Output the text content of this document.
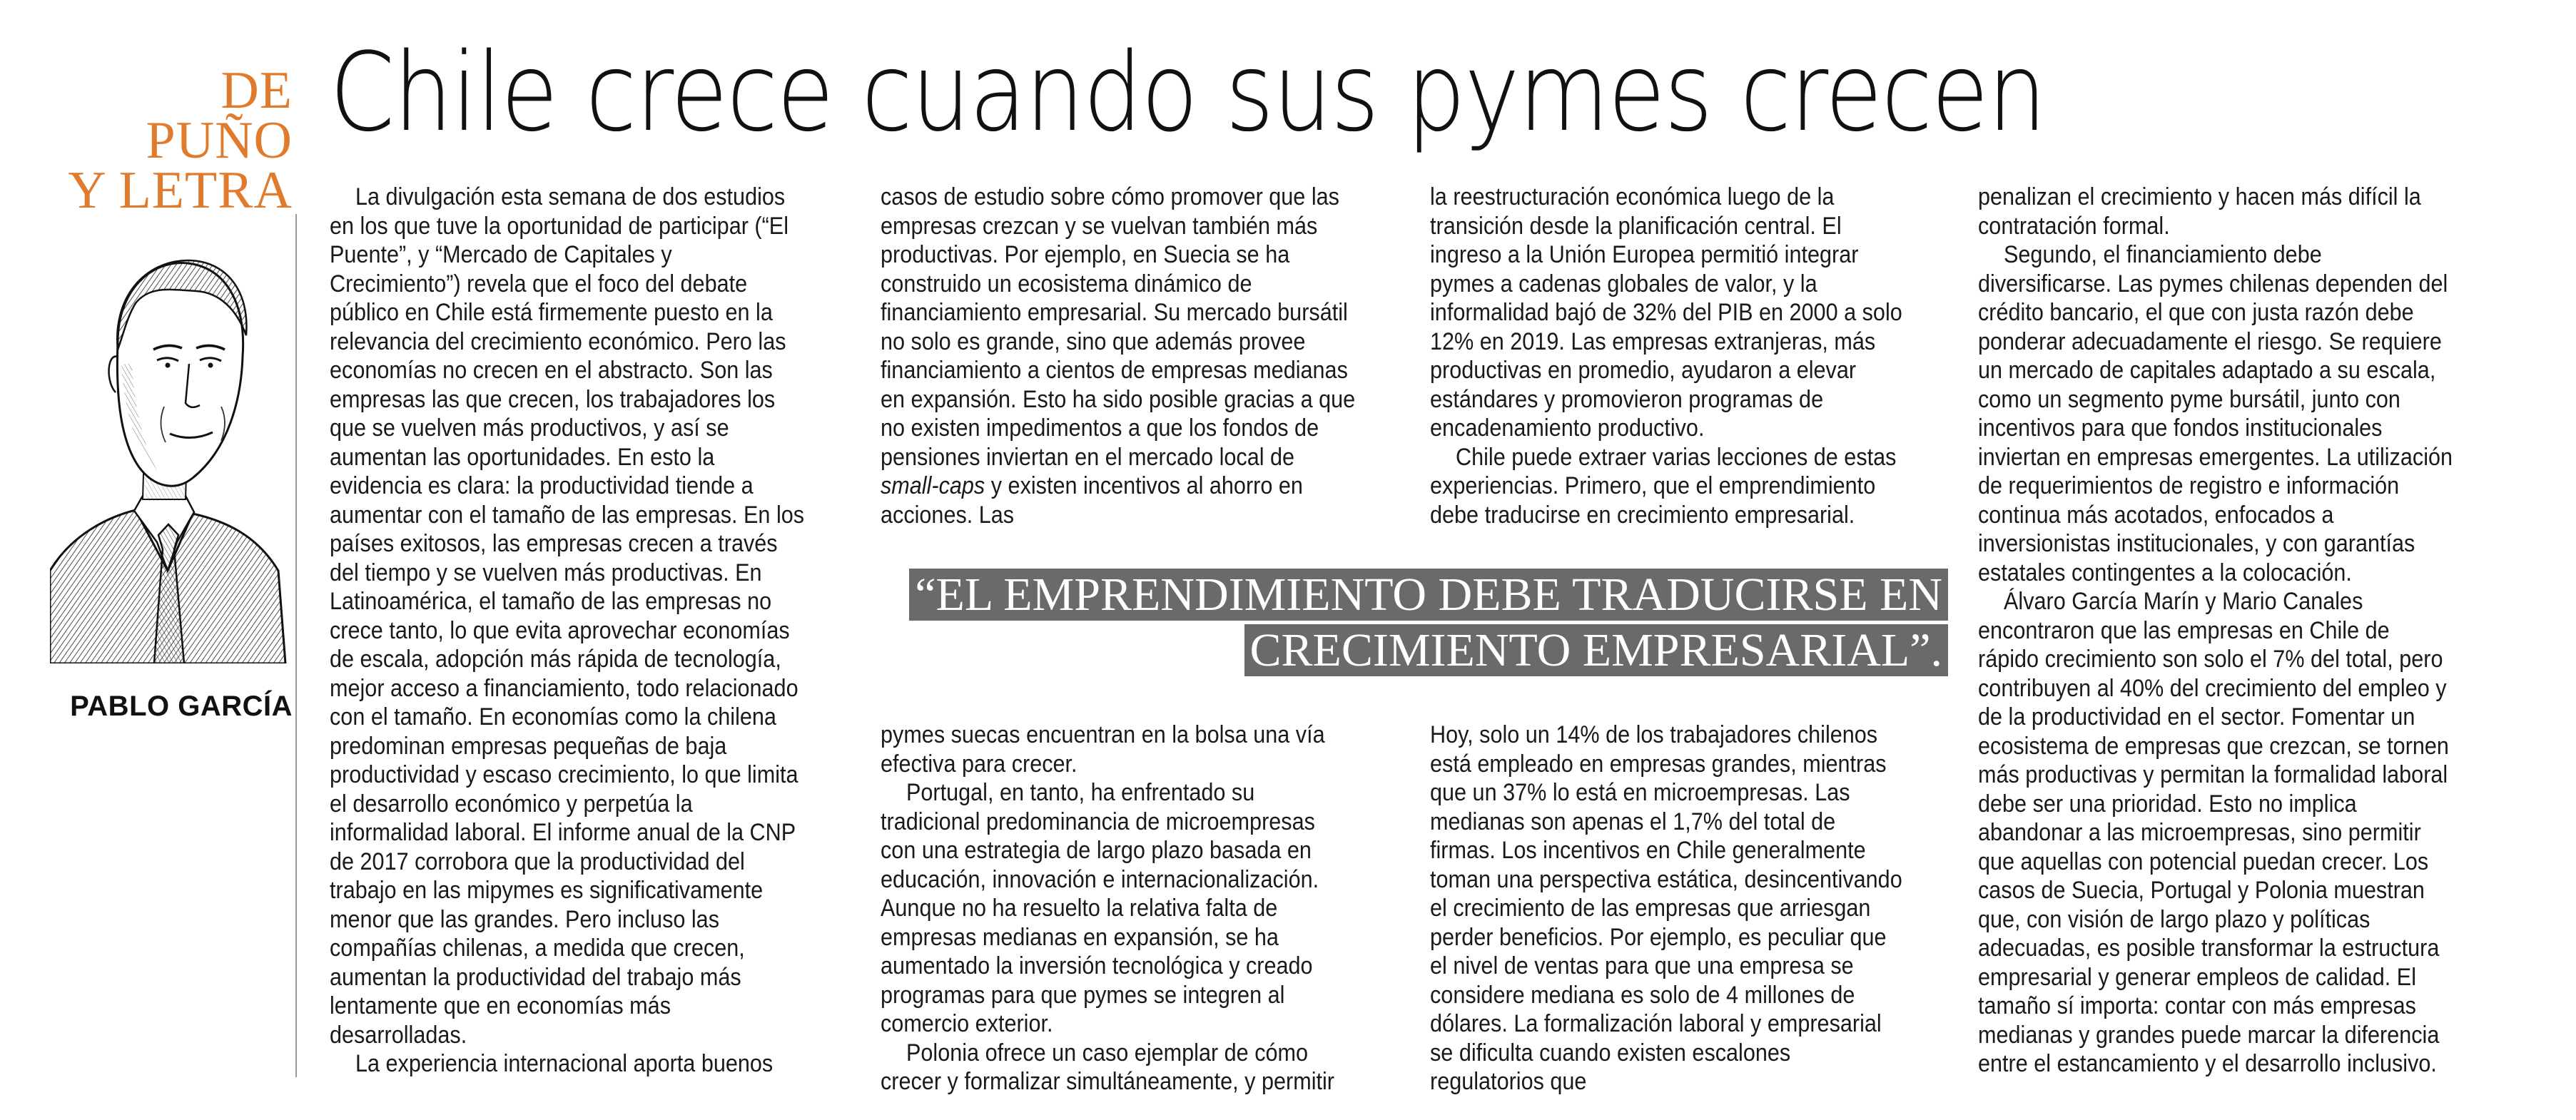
DE
PUÑO
Y LETRA
PABLO GARCÍA
Chile crece cuando sus pymes crecen

La divulgación esta semana de dos estudios en los que tuve la oportunidad de participar (“El Puente”, y “Mercado de Capitales y Crecimiento”) revela que el foco del debate público en Chile está firmemente puesto en la relevancia del crecimiento económico. Pero las economías no crecen en el abstracto. Son las empresas las que crecen, los trabajadores los que se vuelven más productivos, y así se aumentan las oportunidades. En esto la evidencia es clara: la productividad tiende a aumentar con el tamaño de las empresas. En los países exitosos, las empresas crecen a través del tiempo y se vuelven más productivas. En Latinoamérica, el tamaño de las empresas no crece tanto, lo que evita aprovechar economías de escala, adopción más rápida de tecnología, mejor acceso a financiamiento, todo relacionado con el tamaño. En economías como la chilena predominan empresas pequeñas de baja productividad y escaso crecimiento, lo que limita el desarrollo económico y perpetúa la informalidad laboral. El informe anual de la CNP de 2017 corrobora que la productividad del trabajo en las mipymes es significativamente menor que las grandes. Pero incluso las compañías chilenas, a medida que crecen, aumentan la productividad del trabajo más lentamente que en economías más desarrolladas.

La experiencia internacional aporta buenos

casos de estudio sobre cómo promover que las empresas crezcan y se vuelvan también más productivas. Por ejemplo, en Suecia se ha construido un ecosistema dinámico de financiamiento empresarial. Su mercado bursátil no solo es grande, sino que además provee financiamiento a cientos de empresas medianas en expansión. Esto ha sido posible gracias a que no existen impedimentos a que los fondos de pensiones inviertan en el mercado local de small-caps y existen incentivos al ahorro en acciones. Las

pymes suecas encuentran en la bolsa una vía efectiva para crecer.

Portugal, en tanto, ha enfrentado su tradicional predominancia de microempresas con una estrategia de largo plazo basada en educación, innovación e internacionalización. Aunque no ha resuelto la relativa falta de empresas medianas en expansión, se ha aumentado la inversión tecnológica y creado programas para que pymes se integren al comercio exterior.

Polonia ofrece un caso ejemplar de cómo crecer y formalizar simultáneamente, y permitir

la reestructuración económica luego de la transición desde la planificación central. El ingreso a la Unión Europea permitió integrar pymes a cadenas globales de valor, y la informalidad bajó de 32% del PIB en 2000 a solo 12% en 2019. Las empresas extranjeras, más productivas en promedio, ayudaron a elevar estándares y promovieron programas de encadenamiento productivo.

Chile puede extraer varias lecciones de estas experiencias. Primero, que el emprendimiento debe traducirse en crecimiento empresarial.

Hoy, solo un 14% de los trabajadores chilenos está empleado en empresas grandes, mientras que un 37% lo está en microempresas. Las medianas son apenas el 1,7% del total de firmas. Los incentivos en Chile generalmente toman una perspectiva estática, desincentivando el crecimiento de las empresas que arriesgan perder beneficios. Por ejemplo, es peculiar que el nivel de ventas para que una empresa se considere mediana es solo de 4 millones de dólares. La formalización laboral y empresarial se dificulta cuando existen escalones regulatorios que

“EL EMPRENDIMIENTO DEBE TRADUCIRSE EN CRECIMIENTO EMPRESARIAL”.

penalizan el crecimiento y hacen más difícil la contratación formal.

Segundo, el financiamiento debe diversificarse. Las pymes chilenas dependen del crédito bancario, el que con justa razón debe ponderar adecuadamente el riesgo. Se requiere un mercado de capitales adaptado a su escala, como un segmento pyme bursátil, junto con incentivos para que fondos institucionales inviertan en empresas emergentes. La utilización de requerimientos de registro e información continua más acotados, enfocados a inversionistas institucionales, y con garantías estatales contingentes a la colocación.

Álvaro García Marín y Mario Canales encontraron que las empresas en Chile de rápido crecimiento son solo el 7% del total, pero contribuyen al 40% del crecimiento del empleo y de la productividad en el sector. Fomentar un ecosistema de empresas que crezcan, se tornen más productivas y permitan la formalidad laboral debe ser una prioridad. Esto no implica abandonar a las microempresas, sino permitir que aquellas con potencial puedan crecer. Los casos de Suecia, Portugal y Polonia muestran que, con visión de largo plazo y políticas adecuadas, es posible transformar la estructura empresarial y generar empleos de calidad. El tamaño sí importa: contar con más empresas medianas y grandes puede marcar la diferencia entre el estancamiento y el desarrollo inclusivo.
